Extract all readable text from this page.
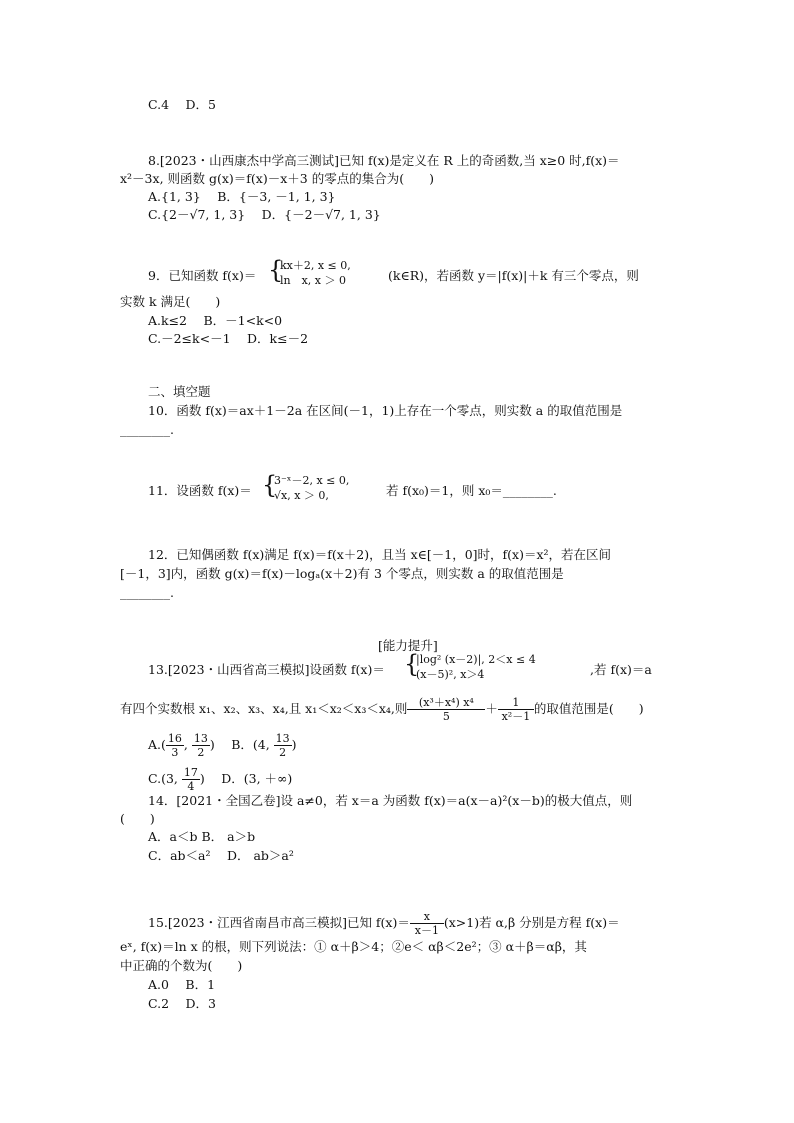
C.4　 D．5
8.[2023・山西康杰中学高三测试]已知 f(x)是定义在 R 上的奇函数,当 x≥0 时,f(x)＝
x²－3x, 则函数 g(x)＝f(x)－x＋3 的零点的集合为(　　)
A.{1, 3}　 B．{－3, －1, 1, 3}
C.{2－√7, 1, 3}　 D．{－2－√7, 1, 3}
9．已知函数 f(x)＝ {
kx＋2, x ≤ 0,
ln　x, x ＞ 0	(k∈R)，若函数 y＝|f(x)|＋k 有三个零点，则
实数 k 满足(　　)
A.k≤2　 B．－1<k<0
C.－2≤k<－1　 D．k≤－2
二、填空题
10．函数 f(x)＝ax＋1－2a 在区间(－1，1)上存在一个零点，则实数 a 的取值范围是
________.
11．设函数 f(x)＝ {
3⁻ˣ－2, x ≤ 0,
√x, x ＞ 0,	若 f(x₀)＝1，则 x₀＝________.
12．已知偶函数 f(x)满足 f(x)＝f(x＋2)，且当 x∈[－1，0]时，f(x)＝x²，若在区间
[－1，3]内，函数 g(x)＝f(x)－logₐ(x＋2)有 3 个零点，则实数 a 的取值范围是
________.
[能力提升]
13.[2023・山西省高三模拟]设函数 f(x)＝ {
|log² (x－2)|, 2＜x ≤ 4
(x－5)², x＞4	,若 f(x)＝a
有四个实数根 x₁、x₂、x₃、x₄,且 x₁＜x₂＜x₃＜x₄,则 $\frac{\text{(x³＋x⁴) x⁴}}{5} + \frac{1}{\text{x²－1}}$ 的取值范围是(　　)
$A.( \frac{16}{3}$ , $\frac{13}{2}$ )　 B．(4, $\frac{13}{2}$ )
C.(3, $\frac{17}{4}$ )　 D．(3, ＋∞)
14．[2021・全国乙卷]设 a≠0，若 x＝a 为函数 f(x)＝a(x－a)²(x－b)的极大值点，则
(　　)
A．a＜b B． a＞b
C．ab＜a²　 D． ab＞a²
15.[2023・江西省南昌市高三模拟]已知 $f(x)= \frac{x}{x-1} (x>1)$若 α,β 分别是方程 f(x)＝
eˣ, f(x)＝ln x 的根，则下列说法：① α＋β＞4；②e＜ αβ＜2e²；③ α＋β＝αβ，其
中正确的个数为(　　)
A.0　 B．1
C.2　 D．3
